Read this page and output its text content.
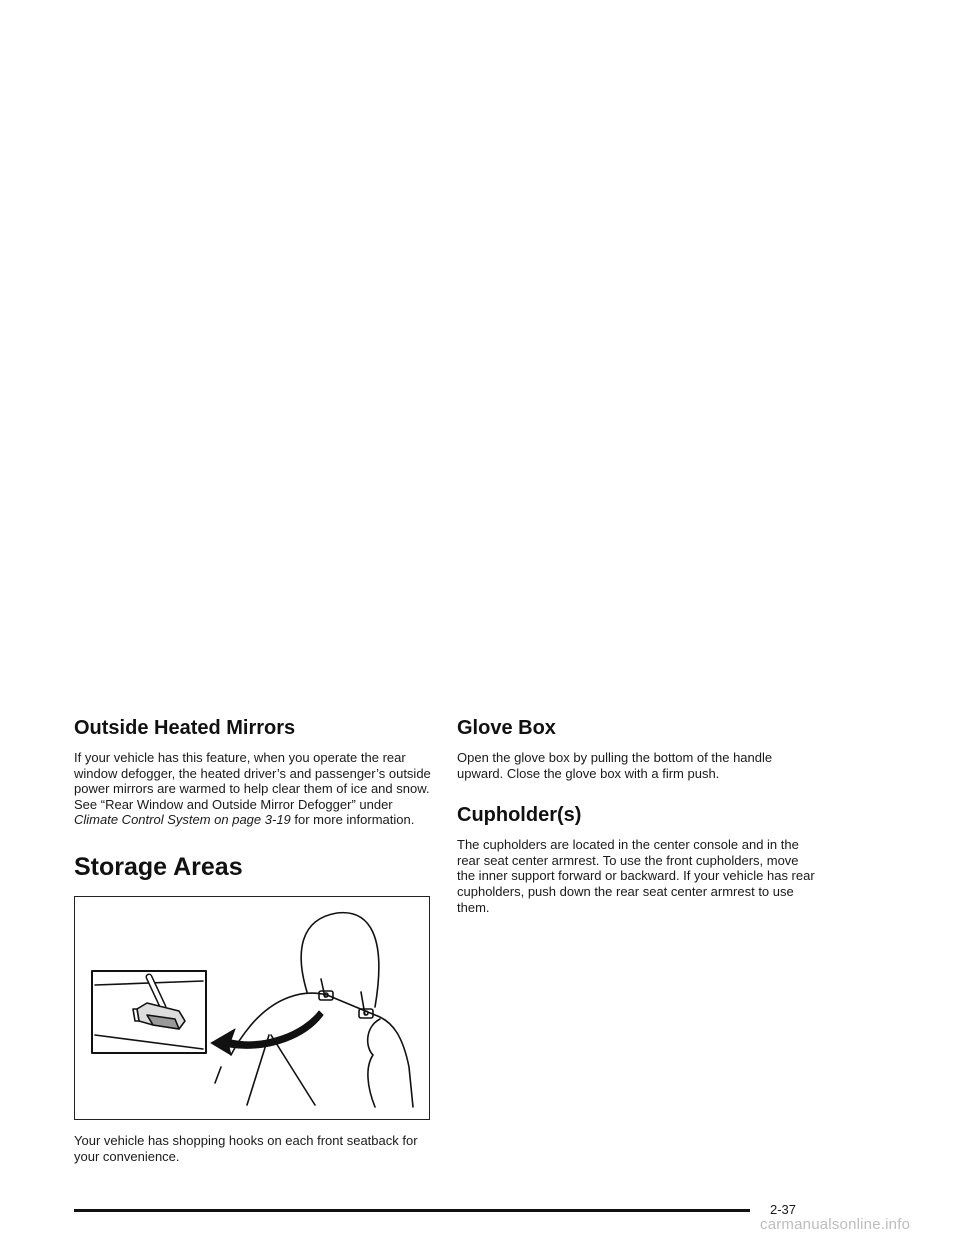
Outside Heated Mirrors

If your vehicle has this feature, when you operate the rear window defogger, the heated driver’s and passenger’s outside power mirrors are warmed to help clear them of ice and snow. See “Rear Window and Outside Mirror Defogger” under Climate Control System on page 3-19 for more information.

Storage Areas

Your vehicle has shopping hooks on each front seatback for your convenience.

Glove Box

Open the glove box by pulling the bottom of the handle upward. Close the glove box with a firm push.

Cupholder(s)

The cupholders are located in the center console and in the rear seat center armrest. To use the front cupholders, move the inner support forward or backward. If your vehicle has rear cupholders, push down the rear seat center armrest to use them.

2-37
carmanualsonline.info
